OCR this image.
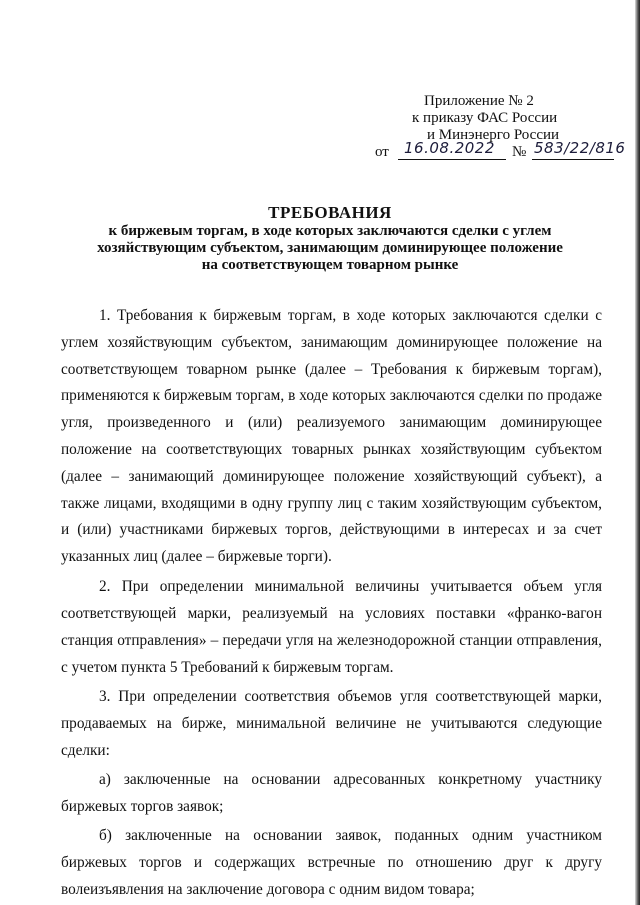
Приложение № 2
к приказу ФАС России
и Минэнерго России
от 16.08.2022 № 583/22/816
ТРЕБОВАНИЯ
к биржевым торгам, в ходе которых заключаются сделки с углем
хозяйствующим субъектом, занимающим доминирующее положение
на соответствующем товарном рынке

1. Требования к биржевым торгам, в ходе которых заключаются сделки с углем хозяйствующим субъектом, занимающим доминирующее положение на соответствующем товарном рынке (далее – Требования к биржевым торгам), применяются к биржевым торгам, в ходе которых заключаются сделки по продаже угля, произведенного и (или) реализуемого занимающим доминирующее положение на соответствующих товарных рынках хозяйствующим субъектом (далее – занимающий доминирующее положение хозяйствующий субъект), а также лицами, входящими в одну группу лиц с таким хозяйствующим субъектом, и (или) участниками биржевых торгов, действующими в интересах и за счет указанных лиц (далее – биржевые торги).

2. При определении минимальной величины учитывается объем угля соответствующей марки, реализуемый на условиях поставки «франко-вагон станция отправления» – передачи угля на железнодорожной станции отправления, с учетом пункта 5 Требований к биржевым торгам.

3. При определении соответствия объемов угля соответствующей марки, продаваемых на бирже, минимальной величине не учитываются следующие сделки:

а) заключенные на основании адресованных конкретному участнику биржевых торгов заявок;

б) заключенные на основании заявок, поданных одним участником биржевых торгов и содержащих встречные по отношению друг к другу волеизъявления на заключение договора с одним видом товара;
